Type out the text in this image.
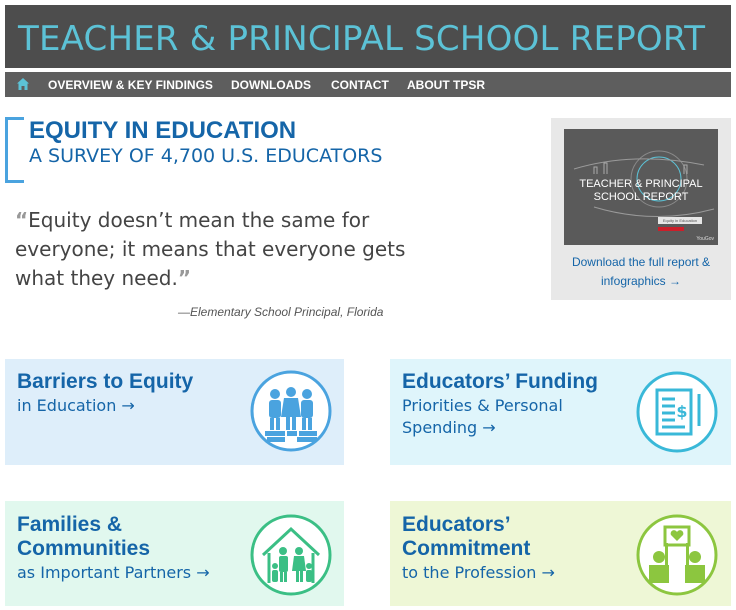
TEACHER & PRINCIPAL SCHOOL REPORT
OVERVIEW & KEY FINDINGS DOWNLOADS CONTACT ABOUT TPSR
EQUITY IN EDUCATION
A SURVEY OF 4,700 U.S. EDUCATORS
“Equity doesn’t mean the same for everyone; it means that everyone gets what they need.”
—Elementary School Principal, Florida
TEACHER & PRINCIPAL
SCHOOL REPORT
Equity in Education
YouGov
Download the full report &
infographics →
Barriers to Equity
in Education →
Educators’ Funding
Priorities & Personal
Spending →
$
Families &
Communities
as Important Partners →
Educators’
Commitment
to the Profession →
